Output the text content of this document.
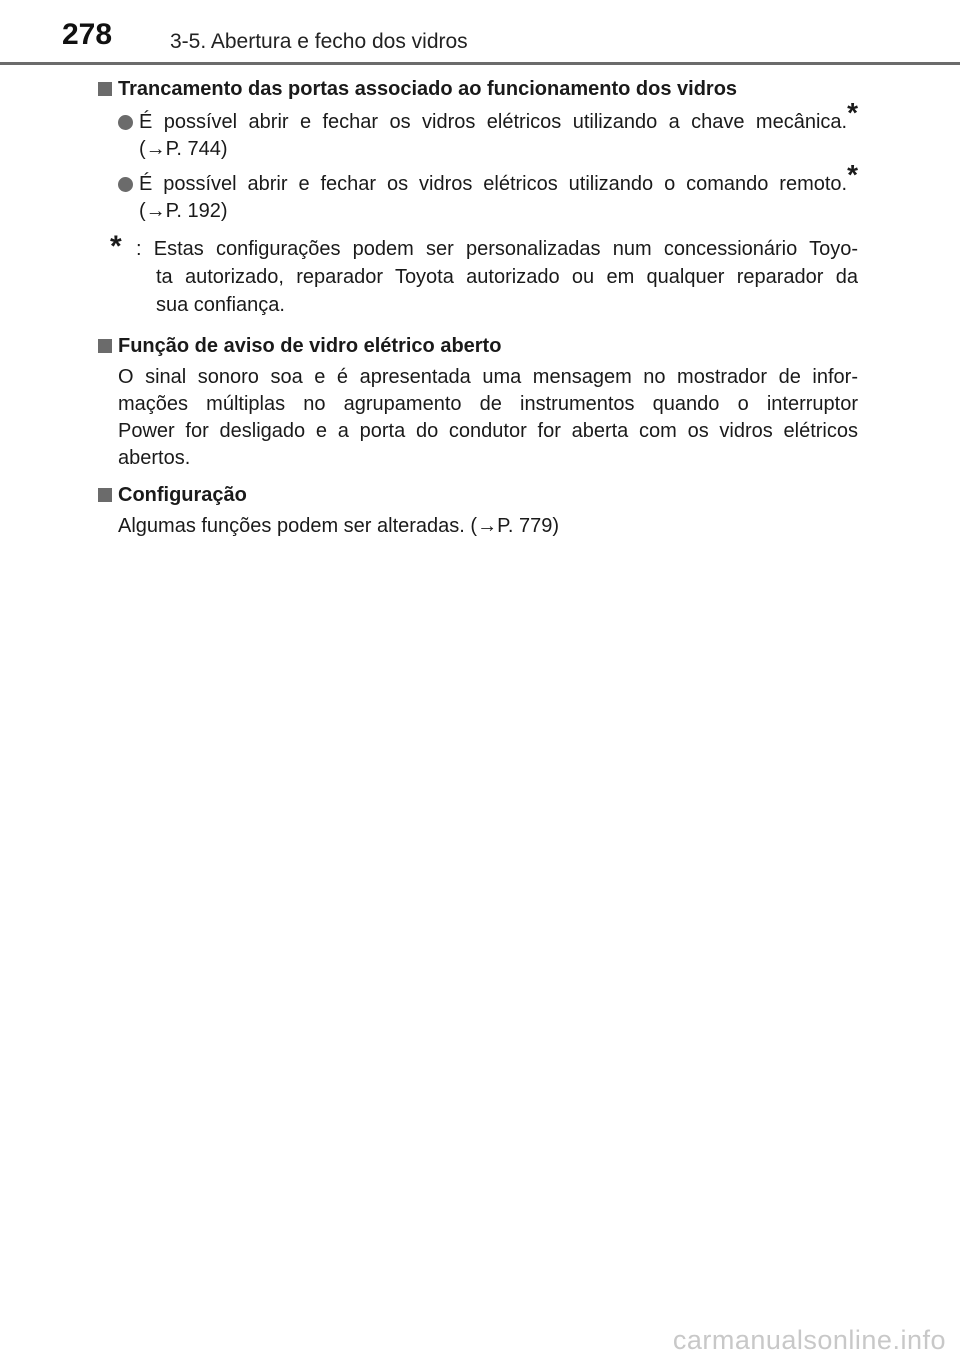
278	3-5. Abertura e fecho dos vidros
Trancamento das portas associado ao funcionamento dos vidros
É possível abrir e fechar os vidros elétricos utilizando a chave mecânica.*
(→P. 744)
É possível abrir e fechar os vidros elétricos utilizando o comando remoto.*
(→P. 192)
* : Estas configurações podem ser personalizadas num concessionário Toyo-
ta autorizado, reparador Toyota autorizado ou em qualquer reparador da
sua confiança.
Função de aviso de vidro elétrico aberto
O sinal sonoro soa e é apresentada uma mensagem no mostrador de infor-
mações múltiplas no agrupamento de instrumentos quando o interruptor
Power for desligado e a porta do condutor for aberta com os vidros elétricos
abertos.
Configuração
Algumas funções podem ser alteradas. (→P. 779)
carmanualsonline.info
